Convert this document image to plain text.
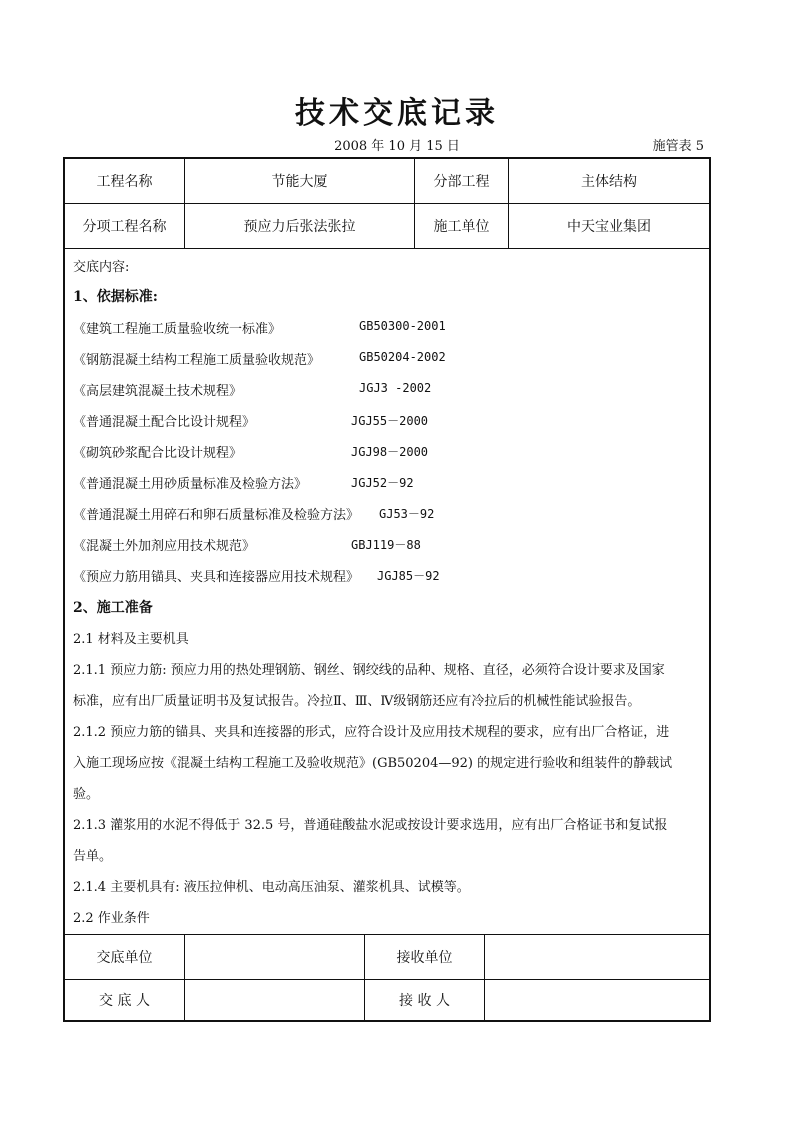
技术交底记录
2008 年 10 月 15 日	施管表 5
工程名称	节能大厦	分部工程	主体结构
分项工程名称	预应力后张法张拉	施工单位	中天宝业集团
交底内容:
1、依据标准:
《建筑工程施工质量验收统一标准》	GB50300-2001
《钢筋混凝土结构工程施工质量验收规范》	GB50204-2002
《高层建筑混凝土技术规程》	JGJ3 -2002
《普通混凝土配合比设计规程》	JGJ55－2000
《砌筑砂浆配合比设计规程》	JGJ98－2000
《普通混凝土用砂质量标准及检验方法》	JGJ52－92
《普通混凝土用碎石和卵石质量标准及检验方法》 GJ53－92
《混凝土外加剂应用技术规范》	GBJ119－88
《预应力筋用锚具、夹具和连接器应用技术规程》 JGJ85－92
2、施工准备
2.1 材料及主要机具
2.1.1 预应力筋: 预应力用的热处理钢筋、钢丝、钢绞线的品种、规格、直径，必须符合设计要求及国家
标准，应有出厂质量证明书及复试报告。冷拉Ⅱ、Ⅲ、Ⅳ级钢筋还应有冷拉后的机械性能试验报告。
2.1.2 预应力筋的锚具、夹具和连接器的形式，应符合设计及应用技术规程的要求，应有出厂合格证，进
入施工现场应按《混凝土结构工程施工及验收规范》(GB50204—92) 的规定进行验收和组装件的静载试
验。
2.1.3 灌浆用的水泥不得低于 32.5 号，普通硅酸盐水泥或按设计要求选用，应有出厂合格证书和复试报
告单。
2.1.4 主要机具有: 液压拉伸机、电动高压油泵、灌浆机具、试模等。
2.2 作业条件
交底单位	接收单位
交 底 人	接 收 人
